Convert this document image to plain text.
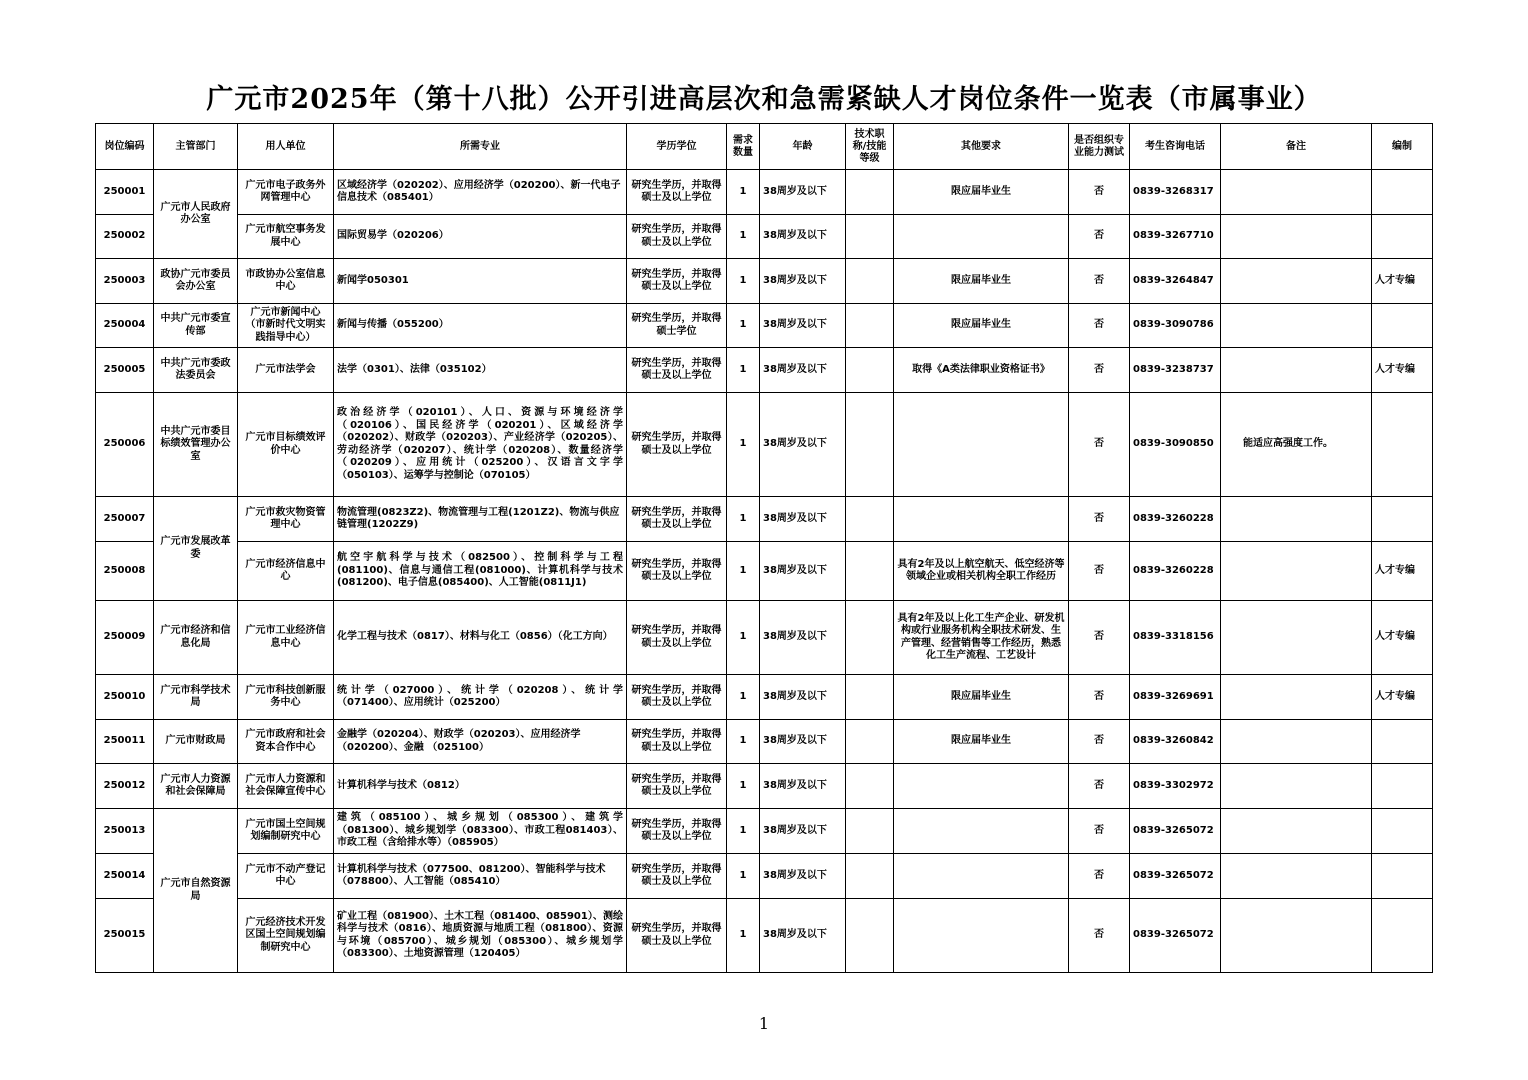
广元市2025年（第十八批）公开引进高层次和急需紧缺人才岗位条件一览表（市属事业）
岗位编码	主管部门	用人单位	所需专业	学历学位	需求数量	年龄	技术职称/技能等级	其他要求	是否组织专业能力测试	考生咨询电话	备注	编制
250001	广元市人民政府办公室	广元市电子政务外网管理中心	区域经济学（020202）、应用经济学（020200）、新一代电子信息技术（085401）	研究生学历，并取得硕士及以上学位	1	38周岁及以下		限应届毕业生	否	0839-3268317		
250002		广元市航空事务发展中心	国际贸易学（020206）	研究生学历，并取得硕士及以上学位	1	38周岁及以下			否	0839-3267710		
250003	政协广元市委员会办公室	市政协办公室信息中心	新闻学050301	研究生学历，并取得硕士及以上学位	1	38周岁及以下		限应届毕业生	否	0839-3264847		人才专编
250004	中共广元市委宣传部	广元市新闻中心（市新时代文明实践指导中心）	新闻与传播（055200）	研究生学历，并取得硕士学位	1	38周岁及以下		限应届毕业生	否	0839-3090786		
250005	中共广元市委政法委员会	广元市法学会	法学（0301）、法律（035102）	研究生学历，并取得硕士及以上学位	1	38周岁及以下		取得《A类法律职业资格证书》	否	0839-3238737		人才专编
250006	中共广元市委目标绩效管理办公室	广元市目标绩效评价中心	政治经济学（020101）、人口、资源与环境经济学（020106）、国民经济学（020201）、区域经济学（020202）、财政学（020203）、产业经济学（020205）、劳动经济学（020207）、统计学（020208）、数量经济学（020209）、应用统计（025200）、汉语言文字学（050103）、运筹学与控制论（070105）	研究生学历，并取得硕士及以上学位	1	38周岁及以下			否	0839-3090850	能适应高强度工作。	
250007	广元市发展改革委	广元市救灾物资管理中心	物流管理(0823Z2)、物流管理与工程(1201Z2)、物流与供应链管理(1202Z9)	研究生学历，并取得硕士及以上学位	1	38周岁及以下			否	0839-3260228		
250008		广元市经济信息中心	航空宇航科学与技术（082500）、控制科学与工程(081100)、信息与通信工程(081000)、计算机科学与技术(081200)、电子信息(085400)、人工智能(0811J1)	研究生学历，并取得硕士及以上学位	1	38周岁及以下		具有2年及以上航空航天、低空经济等领域企业或相关机构全职工作经历	否	0839-3260228		人才专编
250009	广元市经济和信息化局	广元市工业经济信息中心	化学工程与技术（0817）、材料与化工（0856）（化工方向）	研究生学历，并取得硕士及以上学位	1	38周岁及以下		具有2年及以上化工生产企业、研发机构或行业服务机构全职技术研发、生产管理、经营销售等工作经历，熟悉化工生产流程、工艺设计	否	0839-3318156		人才专编
250010	广元市科学技术局	广元市科技创新服务中心	统计学（027000）、统计学（020208）、统计学（071400）、应用统计（025200）	研究生学历，并取得硕士及以上学位	1	38周岁及以下		限应届毕业生	否	0839-3269691		人才专编
250011	广元市财政局	广元市政府和社会资本合作中心	金融学（020204）、财政学（020203）、应用经济学（020200）、金融 （025100）	研究生学历，并取得硕士及以上学位	1	38周岁及以下		限应届毕业生	否	0839-3260842		
250012	广元市人力资源和社会保障局	广元市人力资源和社会保障宣传中心	计算机科学与技术（0812）	研究生学历，并取得硕士及以上学位	1	38周岁及以下			否	0839-3302972		
250013	广元市自然资源局	广元市国土空间规划编制研究中心	建筑（085100）、城乡规划（085300）、建筑学（081300）、城乡规划学（083300）、市政工程081403）、市政工程（含给排水等）（085905）	研究生学历，并取得硕士及以上学位	1	38周岁及以下			否	0839-3265072		
250014		广元市不动产登记中心	计算机科学与技术（077500、081200）、智能科学与技术（078800）、人工智能（085410）	研究生学历，并取得硕士及以上学位	1	38周岁及以下			否	0839-3265072		
250015		广元经济技术开发区国土空间规划编制研究中心	矿业工程（081900）、土木工程（081400、085901）、测绘科学与技术（0816）、地质资源与地质工程（081800）、资源与环境（085700）、城乡规划（085300）、城乡规划学（083300）、土地资源管理（120405）	研究生学历，并取得硕士及以上学位	1	38周岁及以下			否	0839-3265072		
1
